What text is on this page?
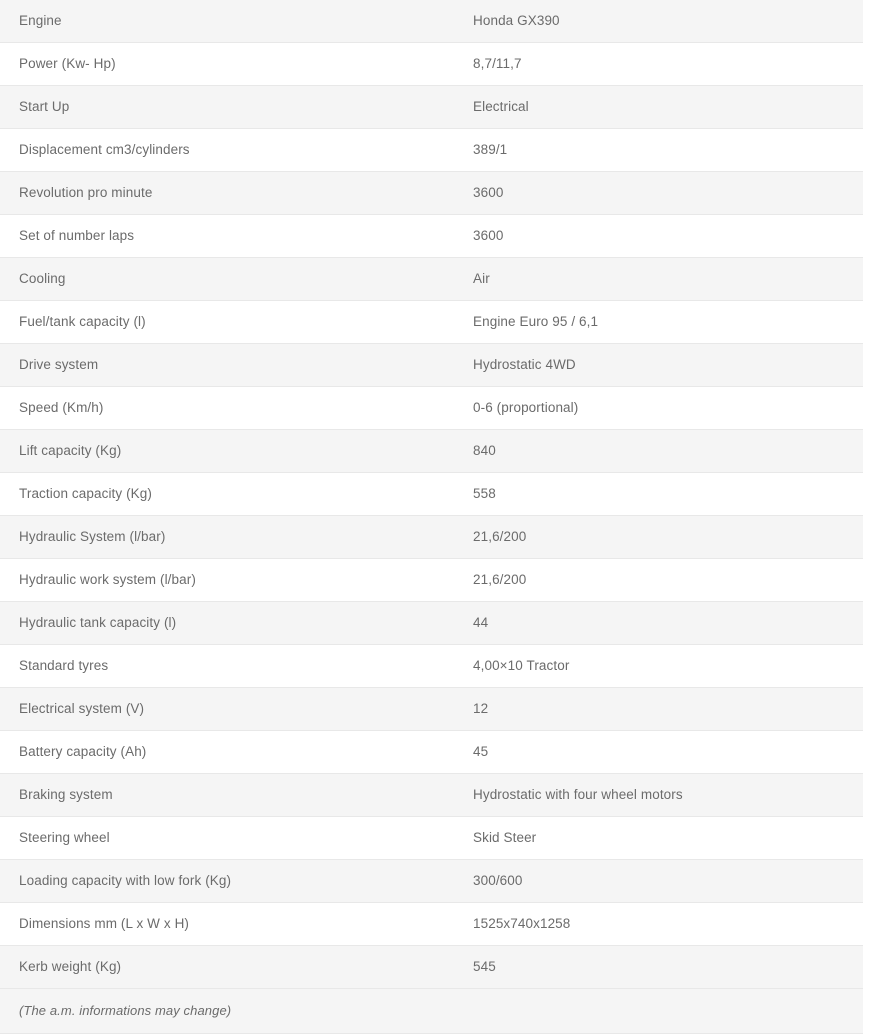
Engine	Honda GX390
Power (Kw- Hp)	8,7/11,7
Start Up	Electrical
Displacement cm3/cylinders	389/1
Revolution pro minute	3600
Set of number laps	3600
Cooling	Air
Fuel/tank capacity (l)	Engine Euro 95 / 6,1
Drive system	Hydrostatic 4WD
Speed (Km/h)	0-6 (proportional)
Lift capacity (Kg)	840
Traction capacity (Kg)	558
Hydraulic System (l/bar)	21,6/200
Hydraulic work system (l/bar)	21,6/200
Hydraulic tank capacity (l)	44
Standard tyres	4,00×10 Tractor
Electrical system (V)	12
Battery capacity (Ah)	45
Braking system	Hydrostatic with four wheel motors
Steering wheel	Skid Steer
Loading capacity with low fork (Kg)	300/600
Dimensions mm (L x W x H)	1525x740x1258
Kerb weight (Kg)	545
(The a.m. informations may change)	
